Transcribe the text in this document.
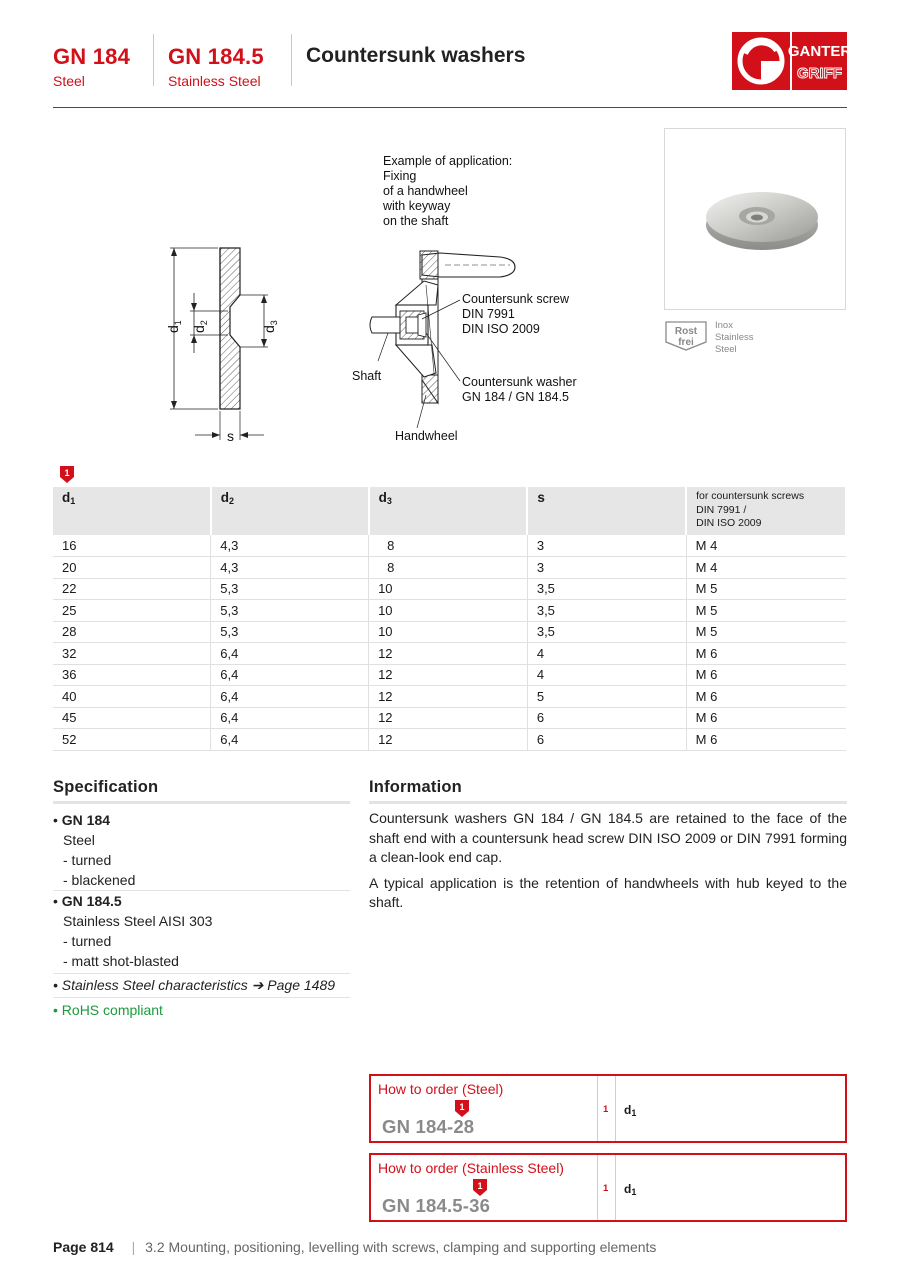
GN 184
Steel
GN 184.5
Stainless Steel
Countersunk washers	GANTER
GRIFF
$d_1$
$d_2$
$d_3$
s
Example of application:
Fixing
of a handwheel
with keyway
on the shaft
Countersunk screw
DIN 7991
DIN ISO 2009
Shaft	Countersunk washer
GN 184 / GN 184.5
Handwheel
Rost
frei
Inox
Stainless
Steel
1
$d_1$	$d_2$	$d_3$	s	for countersunk screws
DIN 7991 /
DIN ISO 2009

16	4,3	8	3	M 4
20	4,3	8	3	M 4
22	5,3	10	3,5	M 5
25	5,3	10	3,5	M 5
28	5,3	10	3,5	M 5
32	6,4	12	4	M 6
36	6,4	12	4	M 6
40	6,4	12	5	M 6
45	6,4	12	6	M 6
52	6,4	12	6	M 6
Specification
• GN 184
Steel
- turned
- blackened
• GN 184.5
Stainless Steel AISI 303
- turned
- matt shot-blasted
• Stainless Steel characteristics ➔ Page 1489
• RoHS compliant
Information

Countersunk washers GN 184 / GN 184.5 are retained to the face of the shaft end with a countersunk head screw DIN ISO 2009 or DIN 7991 forming a clean-look end cap.

A typical application is the retention of handwheels with hub keyed to the shaft.

How to order (Steel)
1
GN 184-28
1 $d_1$
How to order (Stainless Steel)
1
GN 184.5-36
1 $d_1$
Page 814 | 3.2 Mounting, positioning, levelling with screws, clamping and supporting elements
